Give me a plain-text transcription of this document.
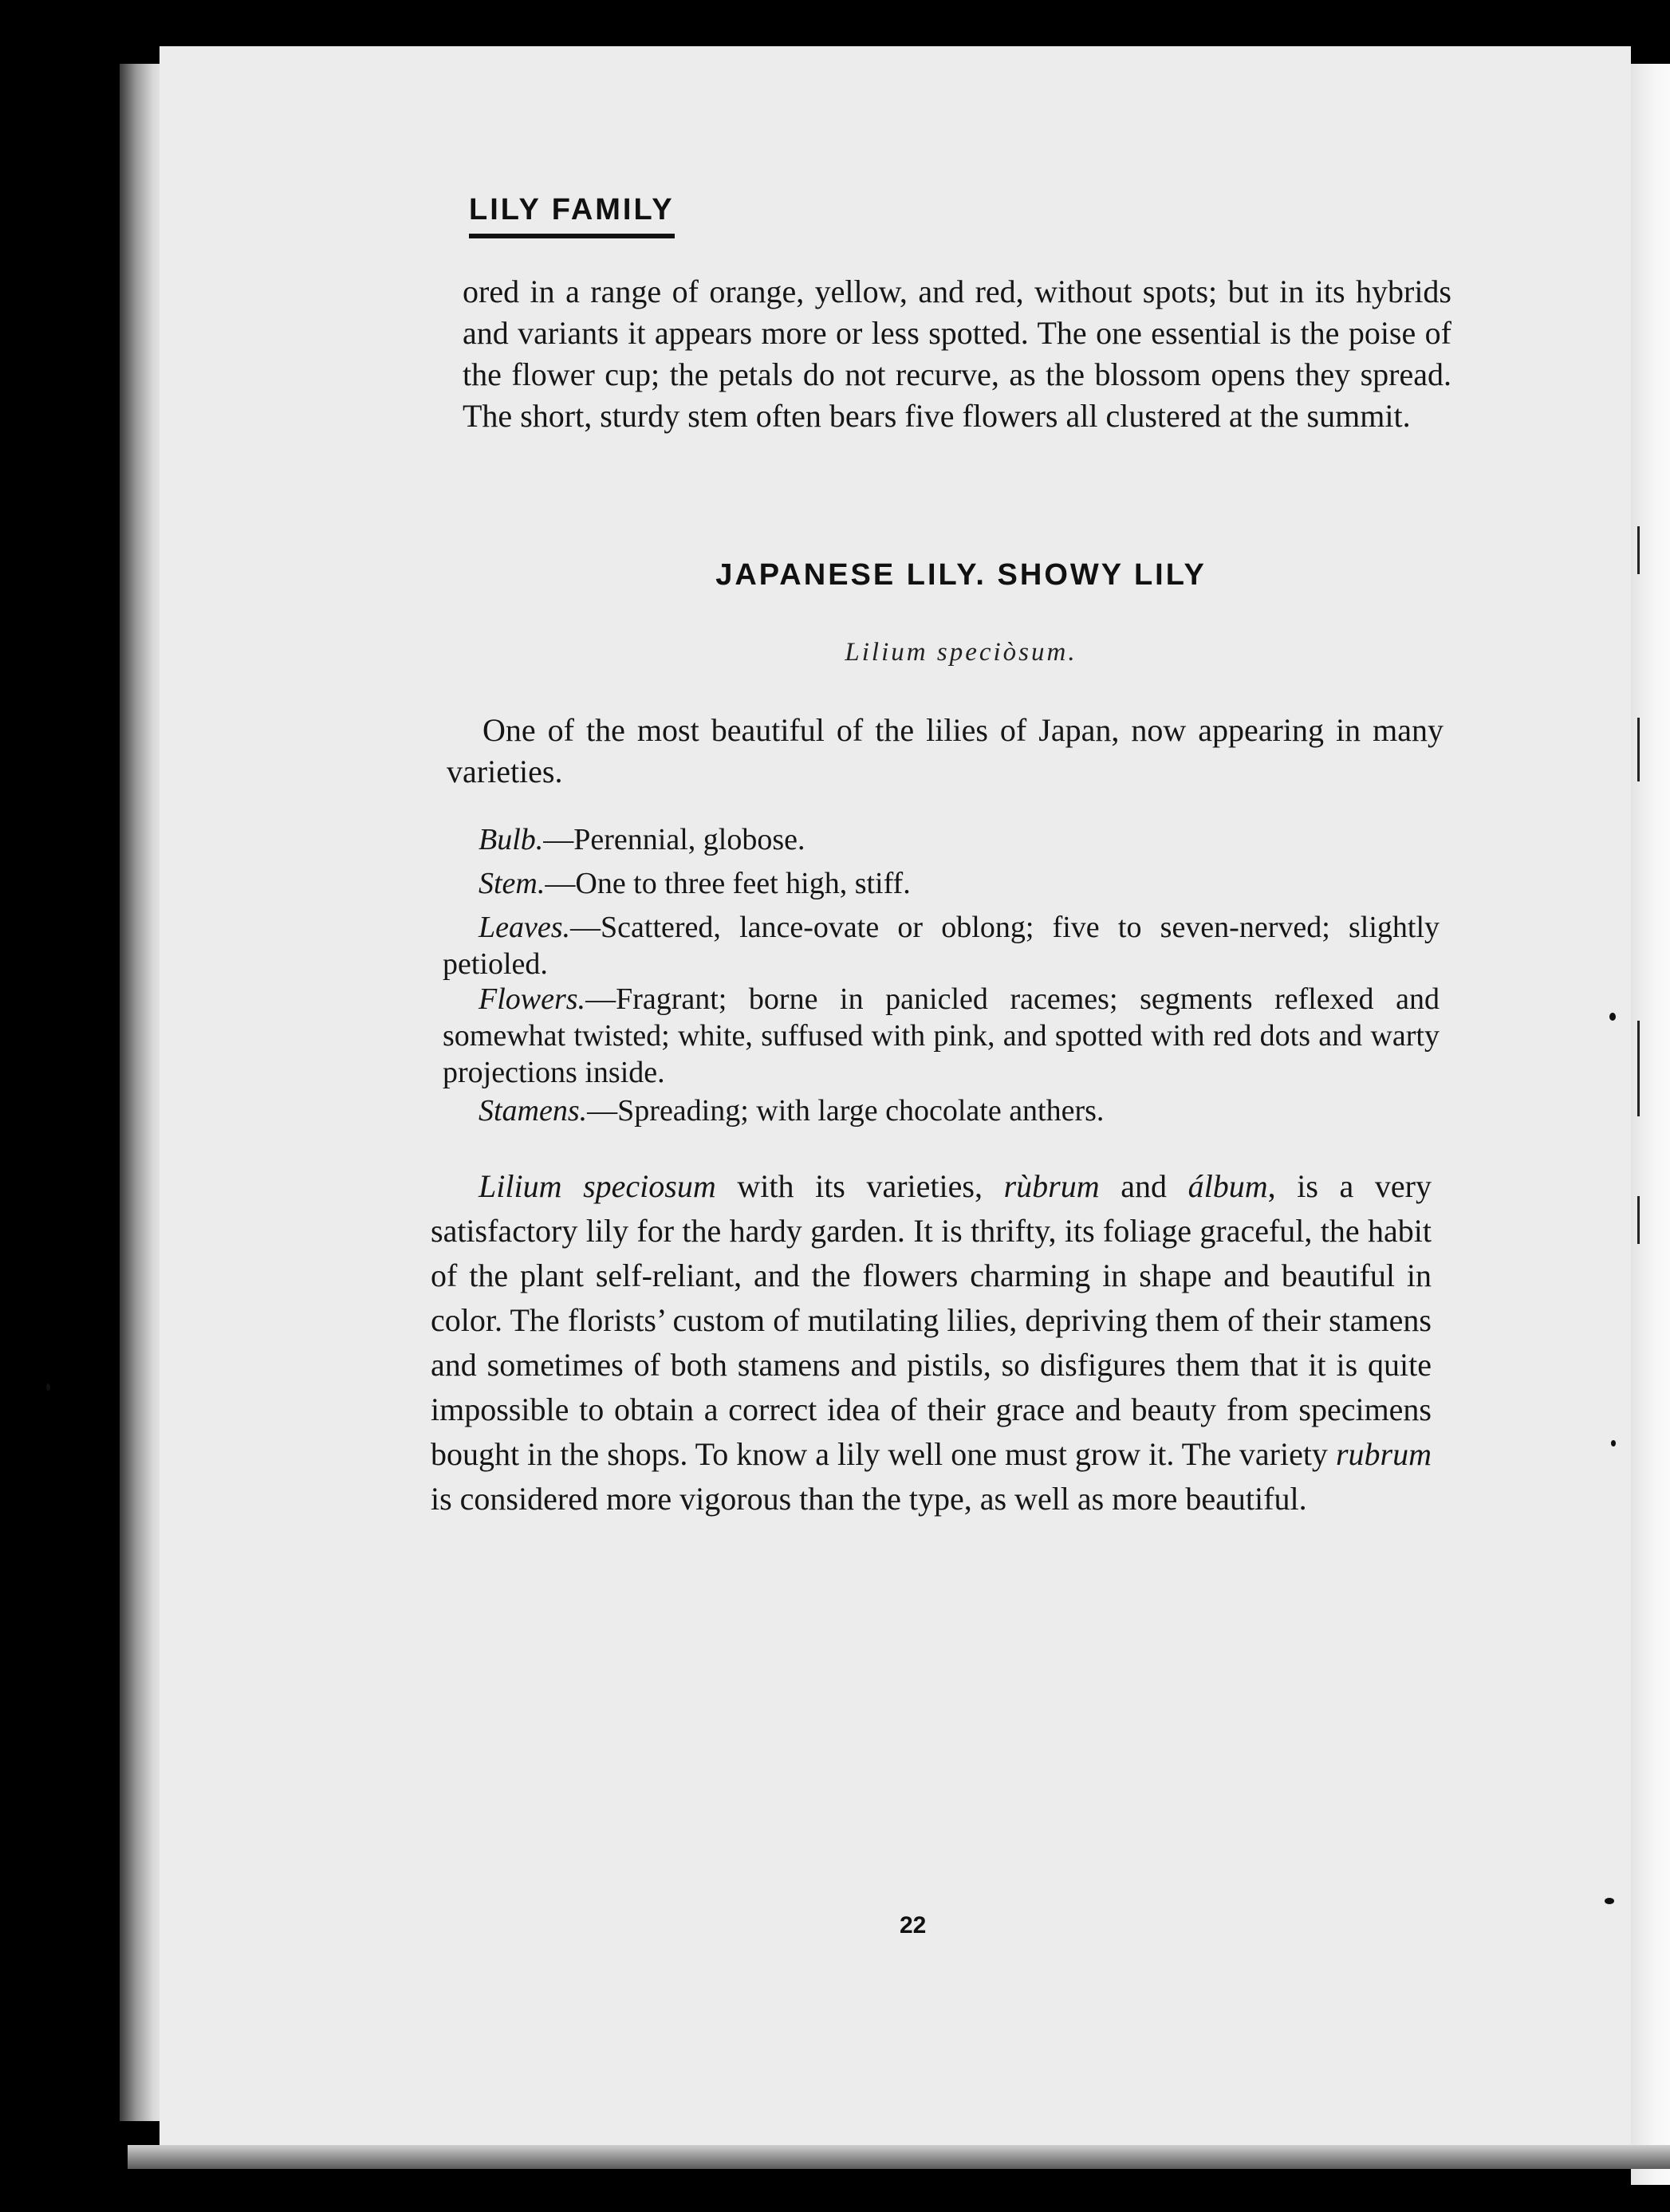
LILY FAMILY
ored in a range of orange, yellow, and red, without spots; but in its hybrids and variants it appears more or less spotted. The one essential is the poise of the flower cup; the petals do not recurve, as the blossom opens they spread. The short, sturdy stem often bears five flowers all clustered at the summit.
JAPANESE LILY. SHOWY LILY
Lilium speciòsum.
One of the most beautiful of the lilies of Japan, now appearing in many varieties.

Bulb.—Perennial, globose.

Stem.—One to three feet high, stiff.

Leaves.—Scattered, lance-ovate or oblong; five to seven-nerved; slightly petioled.

Flowers.—Fragrant; borne in panicled racemes; segments reflexed and somewhat twisted; white, suffused with pink, and spotted with red dots and warty projections inside.

Stamens.—Spreading; with large chocolate anthers.

Lilium speciosum with its varieties, rùbrum and álbum, is a very satisfactory lily for the hardy garden. It is thrifty, its foliage graceful, the habit of the plant self-reliant, and the flowers charming in shape and beautiful in color. The florists’ custom of mutilating lilies, depriving them of their stamens and sometimes of both stamens and pistils, so disfigures them that it is quite impossible to obtain a correct idea of their grace and beauty from specimens bought in the shops. To know a lily well one must grow it. The variety rubrum is considered more vigorous than the type, as well as more beautiful.
22
